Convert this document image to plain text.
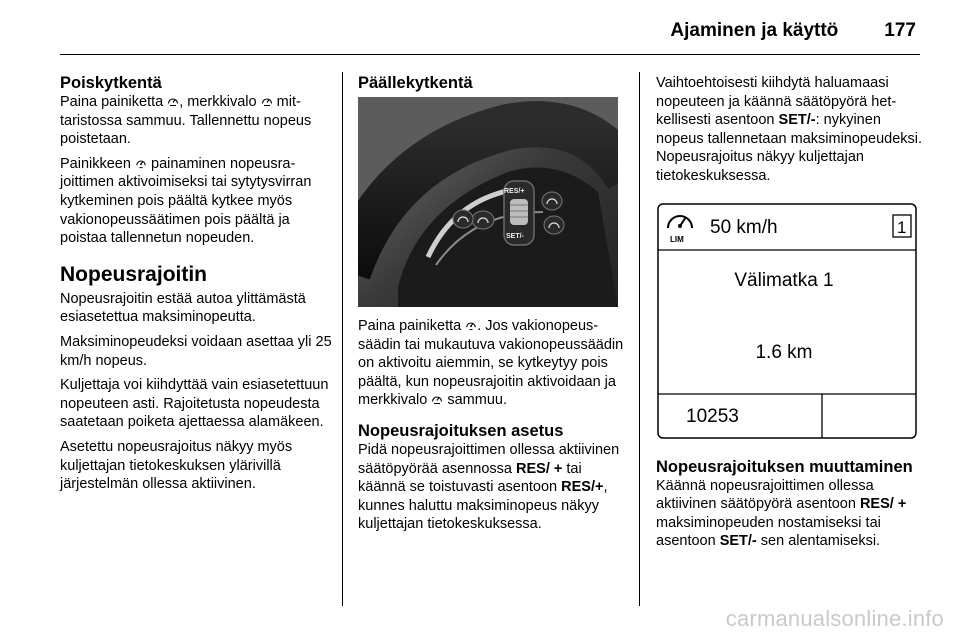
Ajaminen ja käyttö 177
Poiskytkentä

Paina painiketta , merkkivalo mittaristossa sammuu. Tallennettu nopeus poistetaan.

Painikkeen painaminen nopeusrajoittimen aktivoimiseksi tai sytytysvirran kytkeminen pois päältä kytkee myös vakionopeussäätimen pois päältä ja poistaa tallennetun nopeuden.

Nopeusrajoitin

Nopeusrajoitin estää autoa ylittämästä esiasetettua maksiminopeutta.

Maksiminopeudeksi voidaan asettaa yli 25 km/h nopeus.

Kuljettaja voi kiihdyttää vain esiasetettuun nopeuteen asti. Rajoitetusta nopeudesta saatetaan poiketa ajettaessa alamäkeen.

Asetettu nopeusrajoitus näkyy myös kuljettajan tietokeskuksen ylärivillä järjestelmän ollessa aktiivinen.

Päällekytkentä
RES/+
SET/-

Paina painiketta . Jos vakionopeussäädin tai mukautuva vakionopeussäädin on aktivoitu aiemmin, se kytkeytyy pois päältä, kun nopeusrajoitin aktivoidaan ja merkkivalo sammuu.

Nopeusrajoituksen asetus

Pidä nopeusrajoittimen ollessa aktiivinen säätöpyörää asennossa RES/ + tai käännä se toistuvasti asentoon RES/+, kunnes haluttu maksiminopeus näkyy kuljettajan tietokeskuksessa.

Vaihtoehtoisesti kiihdytä haluamaasi nopeuteen ja käännä säätöpyörä hetkellisesti asentoon SET/-: nykyinen nopeus tallennetaan maksiminopeudeksi. Nopeusrajoitus näkyy kuljettajan tietokeskuksessa.

LIM
50 km/h	1
Välimatka 1
1.6 km
10253
Nopeusrajoituksen muuttaminen

Käännä nopeusrajoittimen ollessa aktiivinen säätöpyörä asentoon RES/ + maksiminopeuden nostamiseksi tai asentoon SET/- sen alentamiseksi.

carmanualsonline.info
